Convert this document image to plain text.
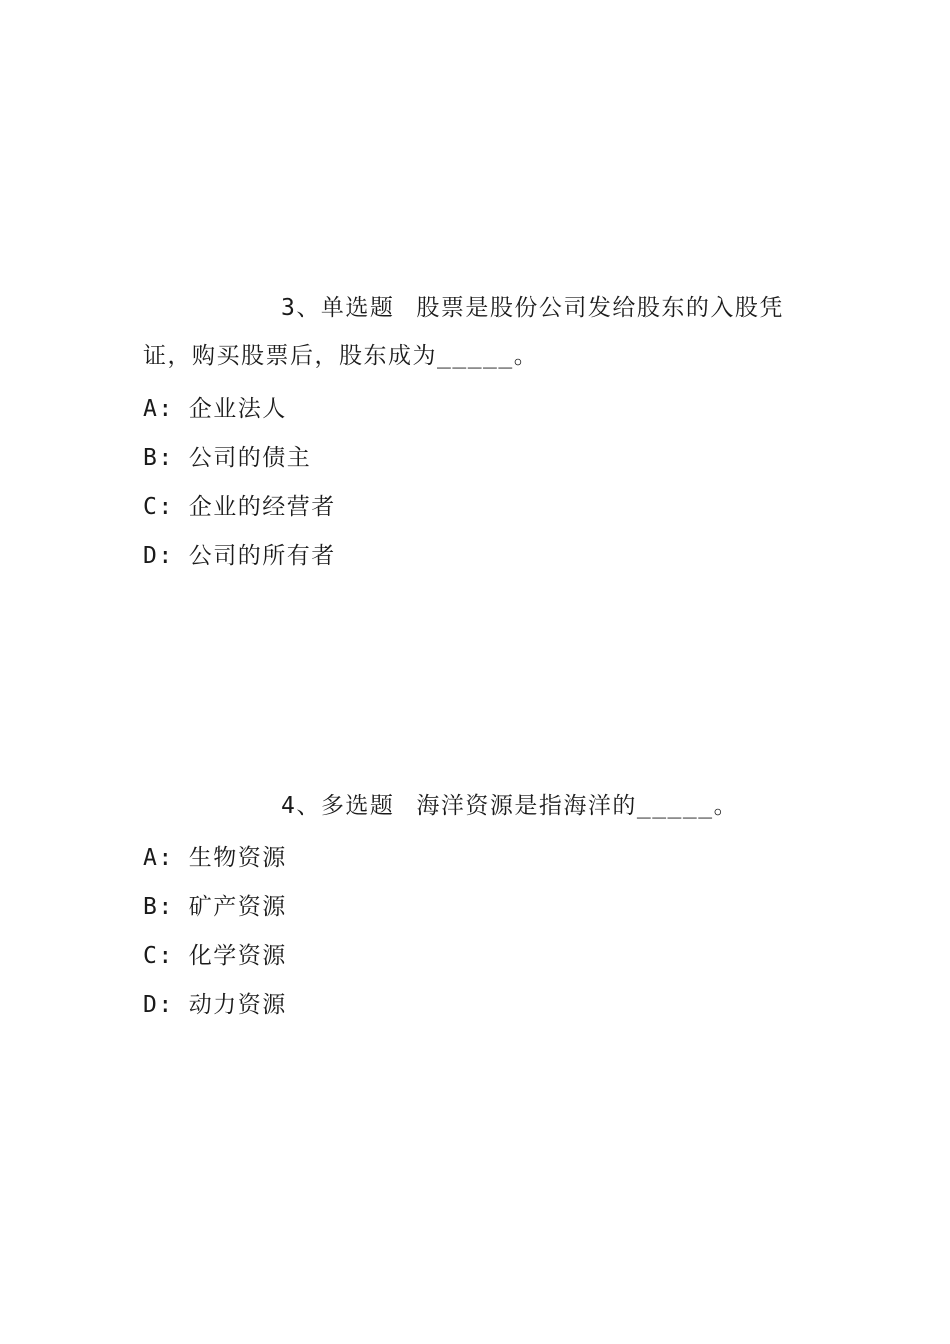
3、单选题 股票是股份公司发给股东的入股凭证，购买股票后，股东成为_____。

A: 企业法人
B: 公司的债主
C: 企业的经营者
D: 公司的所有者

4、多选题 海洋资源是指海洋的_____。

A: 生物资源
B: 矿产资源
C: 化学资源
D: 动力资源
